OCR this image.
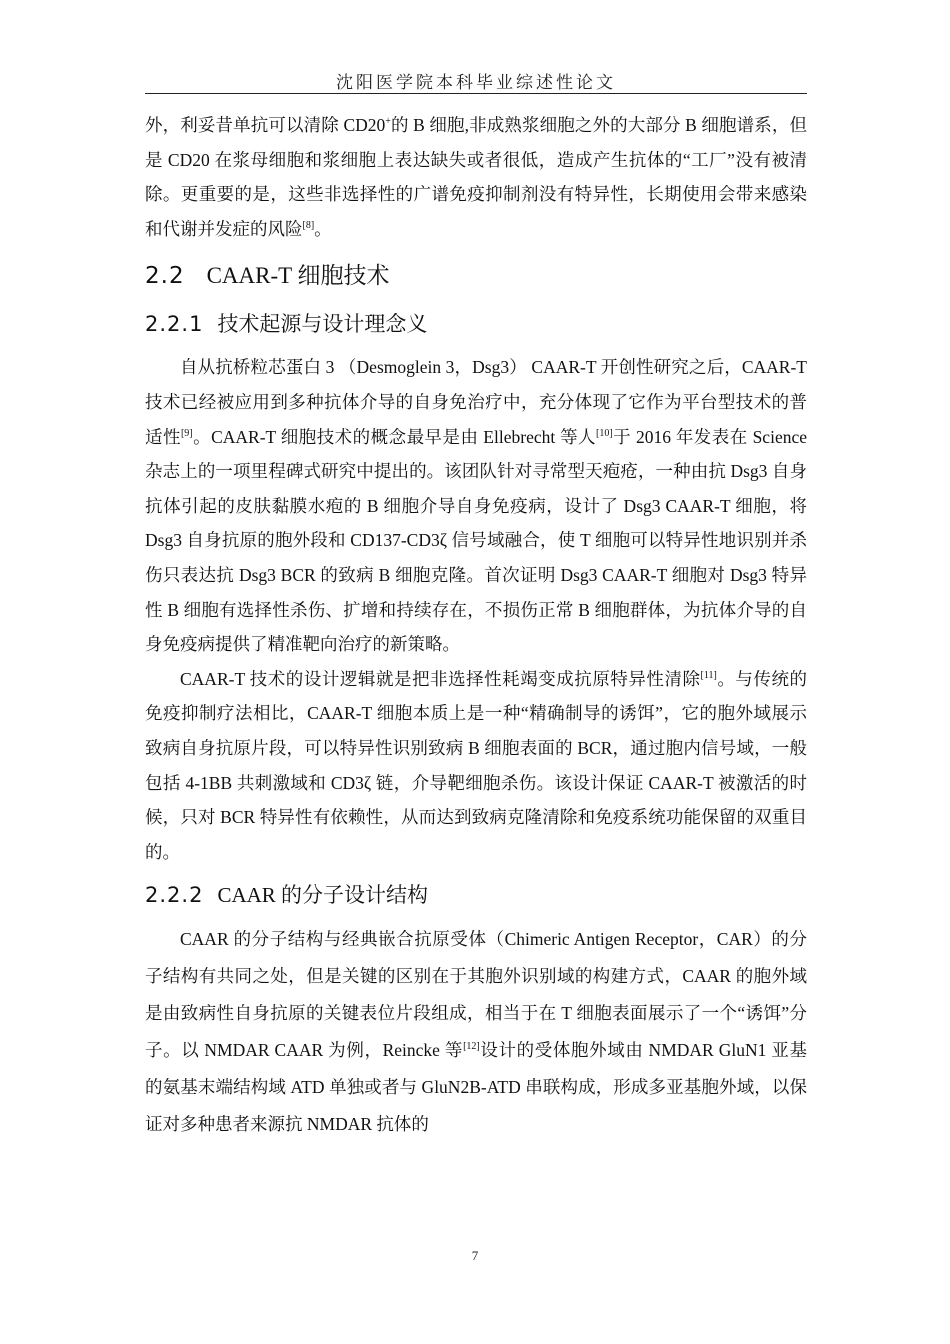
沈阳医学院本科毕业综述性论文

外，利妥昔单抗可以清除 CD20+的 B 细胞,非成熟浆细胞之外的大部分 B 细胞谱系，但是 CD20 在浆母细胞和浆细胞上表达缺失或者很低，造成产生抗体的“工厂”没有被清除。更重要的是，这些非选择性的广谱免疫抑制剂没有特异性，长期使用会带来感染和代谢并发症的风险[8]。

2.2 CAAR-T 细胞技术
2.2.1 技术起源与设计理念义

自从抗桥粒芯蛋白 3 （Desmoglein 3，Dsg3） CAAR-T 开创性研究之后，CAAR-T 技术已经被应用到多种抗体介导的自身免治疗中，充分体现了它作为平台型技术的普适性[9]。CAAR-T 细胞技术的概念最早是由 Ellebrecht 等人[10]于 2016 年发表在 Science 杂志上的一项里程碑式研究中提出的。该团队针对寻常型天疱疮，一种由抗 Dsg3 自身抗体引起的皮肤黏膜水疱的 B 细胞介导自身免疫病，设计了 Dsg3 CAAR-T 细胞，将 Dsg3 自身抗原的胞外段和 CD137-CD3ζ 信号域融合，使 T 细胞可以特异性地识别并杀伤只表达抗 Dsg3 BCR 的致病 B 细胞克隆。首次证明 Dsg3 CAAR-T 细胞对 Dsg3 特异性 B 细胞有选择性杀伤、扩增和持续存在，不损伤正常 B 细胞群体，为抗体介导的自身免疫病提供了精准靶向治疗的新策略。

CAAR-T 技术的设计逻辑就是把非选择性耗竭变成抗原特异性清除[11]。与传统的免疫抑制疗法相比，CAAR-T 细胞本质上是一种“精确制导的诱饵”，它的胞外域展示致病自身抗原片段，可以特异性识别致病 B 细胞表面的 BCR，通过胞内信号域，一般包括 4-1BB 共刺激域和 CD3ζ 链，介导靶细胞杀伤。该设计保证 CAAR-T 被激活的时候，只对 BCR 特异性有依赖性，从而达到致病克隆清除和免疫系统功能保留的双重目的。

2.2.2 CAAR 的分子设计结构

CAAR 的分子结构与经典嵌合抗原受体（Chimeric Antigen Receptor，CAR）的分子结构有共同之处，但是关键的区别在于其胞外识别域的构建方式，CAAR 的胞外域是由致病性自身抗原的关键表位片段组成，相当于在 T 细胞表面展示了一个“诱饵”分子。以 NMDAR CAAR 为例，Reincke 等[12]设计的受体胞外域由 NMDAR GluN1 亚基的氨基末端结构域 ATD 单独或者与 GluN2B-ATD 串联构成，形成多亚基胞外域，以保证对多种患者来源抗 NMDAR 抗体的

7
